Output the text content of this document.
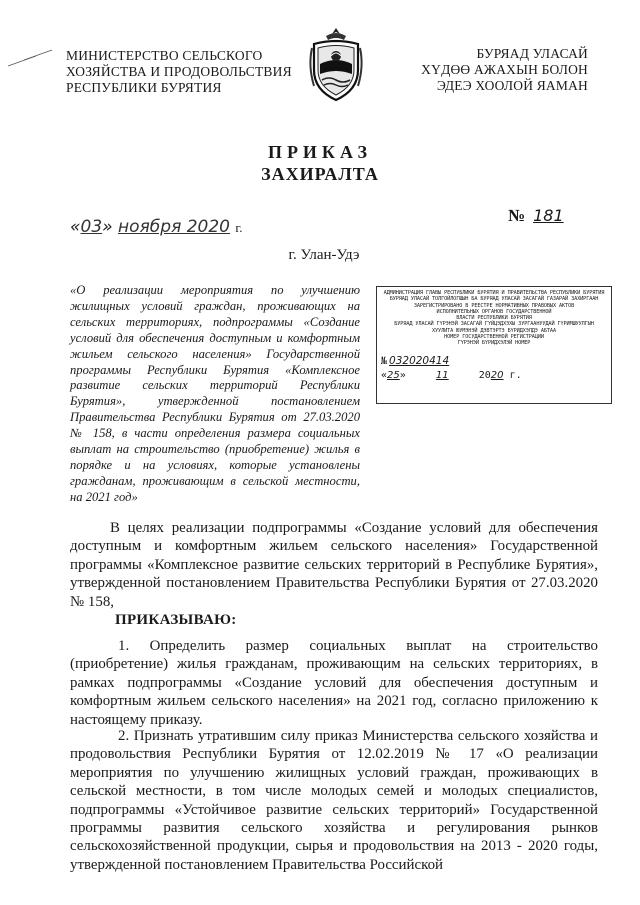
МИНИСТЕРСТВО СЕЛЬСКОГО
ХОЗЯЙСТВА И ПРОДОВОЛЬСТВИЯ
РЕСПУБЛИКИ БУРЯТИЯ
БУРЯАД УЛАСАЙ
ХҮДӨӨ АЖАХЫН БОЛОН
ЭДЕЭ ХООЛОЙ ЯАМАН
ПРИКАЗ
ЗАХИРАЛТА
«03» ноября 2020 г.
№ 181
г. Улан-Удэ
«О реализации мероприятия по улучшению жилищных условий граждан, проживающих на сельских территориях, подпрограммы «Создание условий для обеспечения доступным и комфортным жильем сельского населения» Государственной программы Республики Бурятия «Комплексное развитие сельских территорий Республики Бурятия», утвержденной постановлением Правительства Республики Бурятия от 27.03.2020 № 158, в части определения размера социальных выплат на строительство (приобретение) жилья в порядке и на условиях, которые установлены гражданам, проживающим в сельской местности, на 2021 год»
АДМИНИСТРАЦИЯ ГЛАВЫ РЕСПУБЛИКИ БУРЯТИЯ И ПРАВИТЕЛЬСТВА РЕСПУБЛИКИ БУРЯТИЯ
БУРЯАД УЛАСАЙ ТОЛГОЙЛОГШЫН БА БУРЯАД УЛАСАЙ ЗАСАГАЙ ГАЗАРАЙ ЗАХИРГААН
ЗАРЕГИСТРИРОВАНО В РЕЕСТРЕ НОРМАТИВНЫХ ПРАВОВЫХ АКТОВ
ИСПОЛНИТЕЛЬНЫХ ОРГАНОВ ГОСУДАРСТВЕННОЙ
ВЛАСТИ РЕСПУБЛИКИ БУРЯТИЯ
БУРЯАД УЛАСАЙ ГҮРЭНЭЙ ЗАСАГАЙ ГҮЙЦЭДХЭХЫ ЗУРГААНУУДАЙ ГҮРИМШУУЛГЫН
ХУУЛИТА ЮУМЭНЭЙ ДЭВТЭРТЭ БҮРИДХЭЛДЭ АБТАА
НОМЕР ГОСУДАРСТВЕННОЙ РЕГИСТРАЦИИ
ГҮРЭНЭЙ БҮРИДХЭЛЭЙ НОМЕР
№ 032020414
«25»	11	2020 г.
В целях реализации подпрограммы «Создание условий для обеспечения доступным и комфортным жильем сельского населения» Государственной программы «Комплексное развитие сельских территорий в Республике Бурятия», утвержденной постановлением Правительства Республики Бурятия от 27.03.2020 № 158,
ПРИКАЗЫВАЮ:
1. Определить размер социальных выплат на строительство (приобретение) жилья гражданам, проживающим на сельских территориях, в рамках подпрограммы «Создание условий для обеспечения доступным и комфортным жильем сельского населения» на 2021 год, согласно приложению к настоящему приказу.
2. Признать утратившим силу приказ Министерства сельского хозяйства и продовольствия Республики Бурятия от 12.02.2019 № 17 «О реализации мероприятия по улучшению жилищных условий граждан, проживающих в сельской местности, в том числе молодых семей и молодых специалистов, подпрограммы «Устойчивое развитие сельских территорий» Государственной программы развития сельского хозяйства и регулирования рынков сельскохозяйственной продукции, сырья и продовольствия на 2013 - 2020 годы, утвержденной постановлением Правительства Российской
